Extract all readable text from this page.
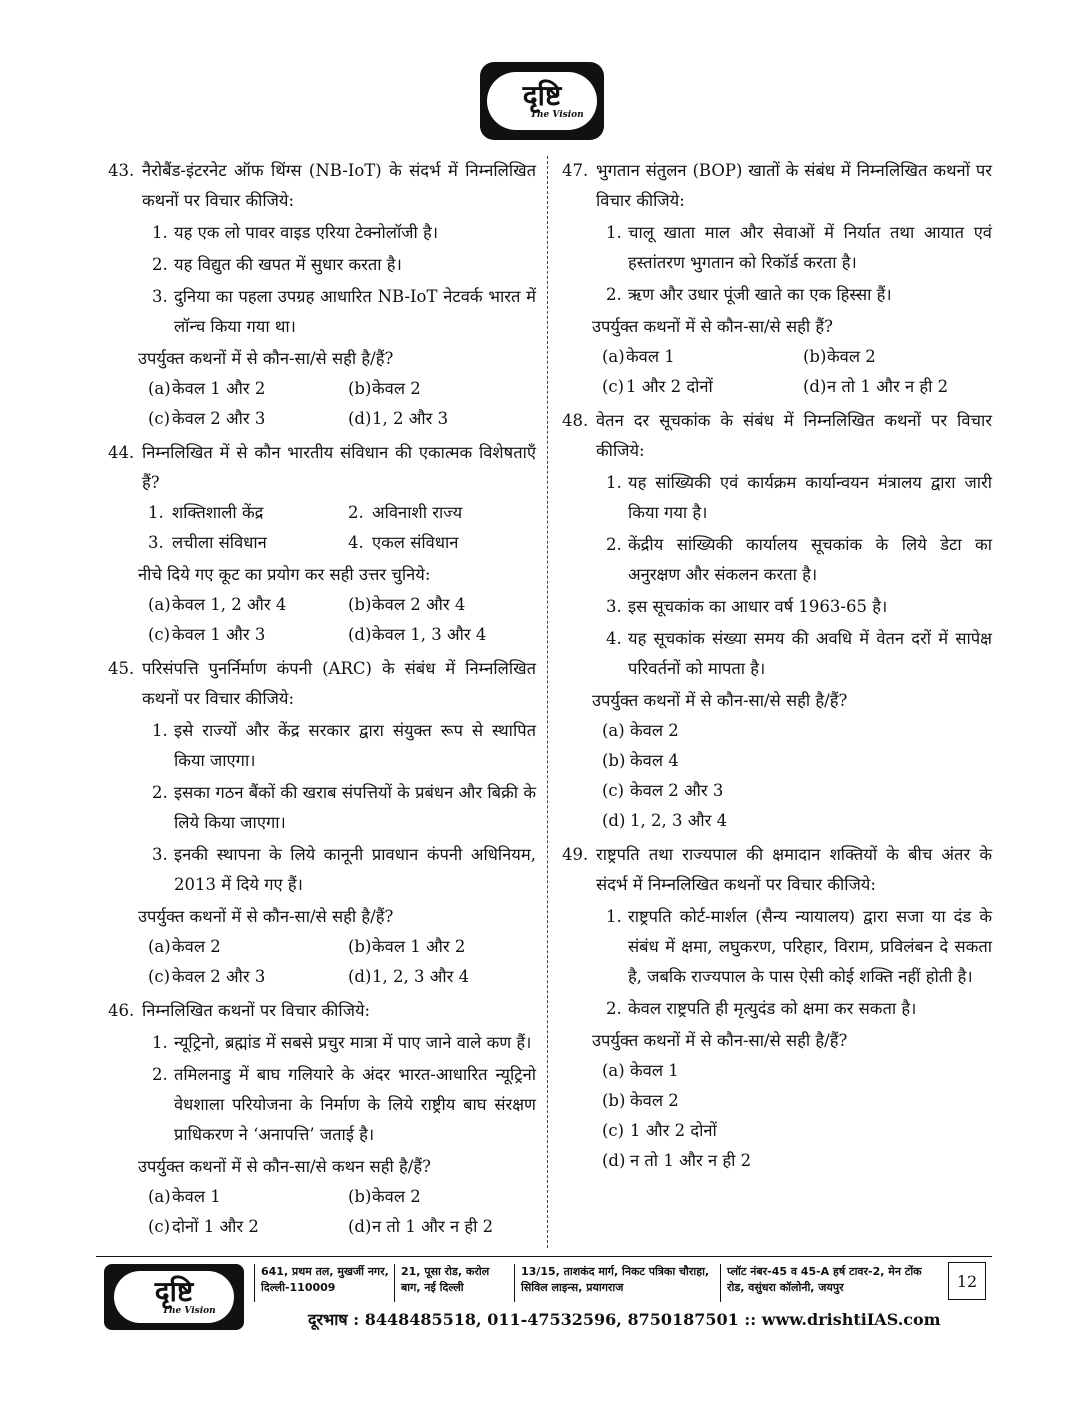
दृष्टि
The Vision
43. नैरोबैंड-इंटरनेट ऑफ थिंग्स (NB-IoT) के संदर्भ में निम्नलिखित कथनों पर विचार कीजिये:
1. यह एक लो पावर वाइड एरिया टेक्नोलॉजी है।
2. यह विद्युत की खपत में सुधार करता है।
3. दुनिया का पहला उपग्रह आधारित NB-IoT नेटवर्क भारत में लॉन्च किया गया था।
उपर्युक्त कथनों में से कौन-सा/से सही है/हैं?
(a) केवल 1 और 2	(b) केवल 2
(c) केवल 2 और 3	(d) 1, 2 और 3
44. निम्नलिखित में से कौन भारतीय संविधान की एकात्मक विशेषताएँ हैं?
1. शक्तिशाली केंद्र	2. अविनाशी राज्य
3. लचीला संविधान	4. एकल संविधान
नीचे दिये गए कूट का प्रयोग कर सही उत्तर चुनिये:
(a) केवल 1, 2 और 4	(b) केवल 2 और 4
(c) केवल 1 और 3	(d) केवल 1, 3 और 4
45. परिसंपत्ति पुनर्निर्माण कंपनी (ARC) के संबंध में निम्नलिखित कथनों पर विचार कीजिये:
1. इसे राज्यों और केंद्र सरकार द्वारा संयुक्त रूप से स्थापित किया जाएगा।
2. इसका गठन बैंकों की खराब संपत्तियों के प्रबंधन और बिक्री के लिये किया जाएगा।
3. इनकी स्थापना के लिये कानूनी प्रावधान कंपनी अधिनियम, 2013 में दिये गए हैं।
उपर्युक्त कथनों में से कौन-सा/से सही है/हैं?
(a) केवल 2	(b) केवल 1 और 2
(c) केवल 2 और 3	(d) 1, 2, 3 और 4
46. निम्नलिखित कथनों पर विचार कीजिये:
1. न्यूट्रिनो, ब्रह्मांड में सबसे प्रचुर मात्रा में पाए जाने वाले कण हैं।
2. तमिलनाडु में बाघ गलियारे के अंदर भारत-आधारित न्यूट्रिनो वेधशाला परियोजना के निर्माण के लिये राष्ट्रीय बाघ संरक्षण प्राधिकरण ने ‘अनापत्ति’ जताई है।
उपर्युक्त कथनों में से कौन-सा/से कथन सही है/हैं?
(a) केवल 1	(b) केवल 2
(c) दोनों 1 और 2	(d) न तो 1 और न ही 2
47. भुगतान संतुलन (BOP) खातों के संबंध में निम्नलिखित कथनों पर विचार कीजिये:
1. चालू खाता माल और सेवाओं में निर्यात तथा आयात एवं हस्तांतरण भुगतान को रिकॉर्ड करता है।
2. ऋण और उधार पूंजी खाते का एक हिस्सा हैं।
उपर्युक्त कथनों में से कौन-सा/से सही हैं?
(a) केवल 1	(b) केवल 2
(c) 1 और 2 दोनों	(d) न तो 1 और न ही 2
48. वेतन दर सूचकांक के संबंध में निम्नलिखित कथनों पर विचार कीजिये:
1. यह सांख्यिकी एवं कार्यक्रम कार्यान्वयन मंत्रालय द्वारा जारी किया गया है।
2. केंद्रीय सांख्यिकी कार्यालय सूचकांक के लिये डेटा का अनुरक्षण और संकलन करता है।
3. इस सूचकांक का आधार वर्ष 1963-65 है।
4. यह सूचकांक संख्या समय की अवधि में वेतन दरों में सापेक्ष परिवर्तनों को मापता है।
उपर्युक्त कथनों में से कौन-सा/से सही है/हैं?
(a) केवल 2
(b) केवल 4
(c) केवल 2 और 3
(d) 1, 2, 3 और 4
49. राष्ट्रपति तथा राज्यपाल की क्षमादान शक्तियों के बीच अंतर के संदर्भ में निम्नलिखित कथनों पर विचार कीजिये:
1. राष्ट्रपति कोर्ट-मार्शल (सैन्य न्यायालय) द्वारा सजा या दंड के संबंध में क्षमा, लघुकरण, परिहार, विराम, प्रविलंबन दे सकता है, जबकि राज्यपाल के पास ऐसी कोई शक्ति नहीं होती है।
2. केवल राष्ट्रपति ही मृत्युदंड को क्षमा कर सकता है।
उपर्युक्त कथनों में से कौन-सा/से सही है/हैं?
(a) केवल 1
(b) केवल 2
(c) 1 और 2 दोनों
(d) न तो 1 और न ही 2
दृष्टि
The Vision
641, प्रथम तल, मुखर्जी नगर, दिल्ली-110009
21, पूसा रोड, करोल बाग, नई दिल्ली
13/15, ताशकंद मार्ग, निकट पत्रिका चौराहा, सिविल लाइन्स, प्रयागराज
प्लॉट नंबर-45 व 45-A हर्ष टावर-2, मेन टोंक रोड, वसुंधरा कॉलोनी, जयपुर	12
दूरभाष : 8448485518, 011-47532596, 8750187501 :: www.drishtiIAS.com
